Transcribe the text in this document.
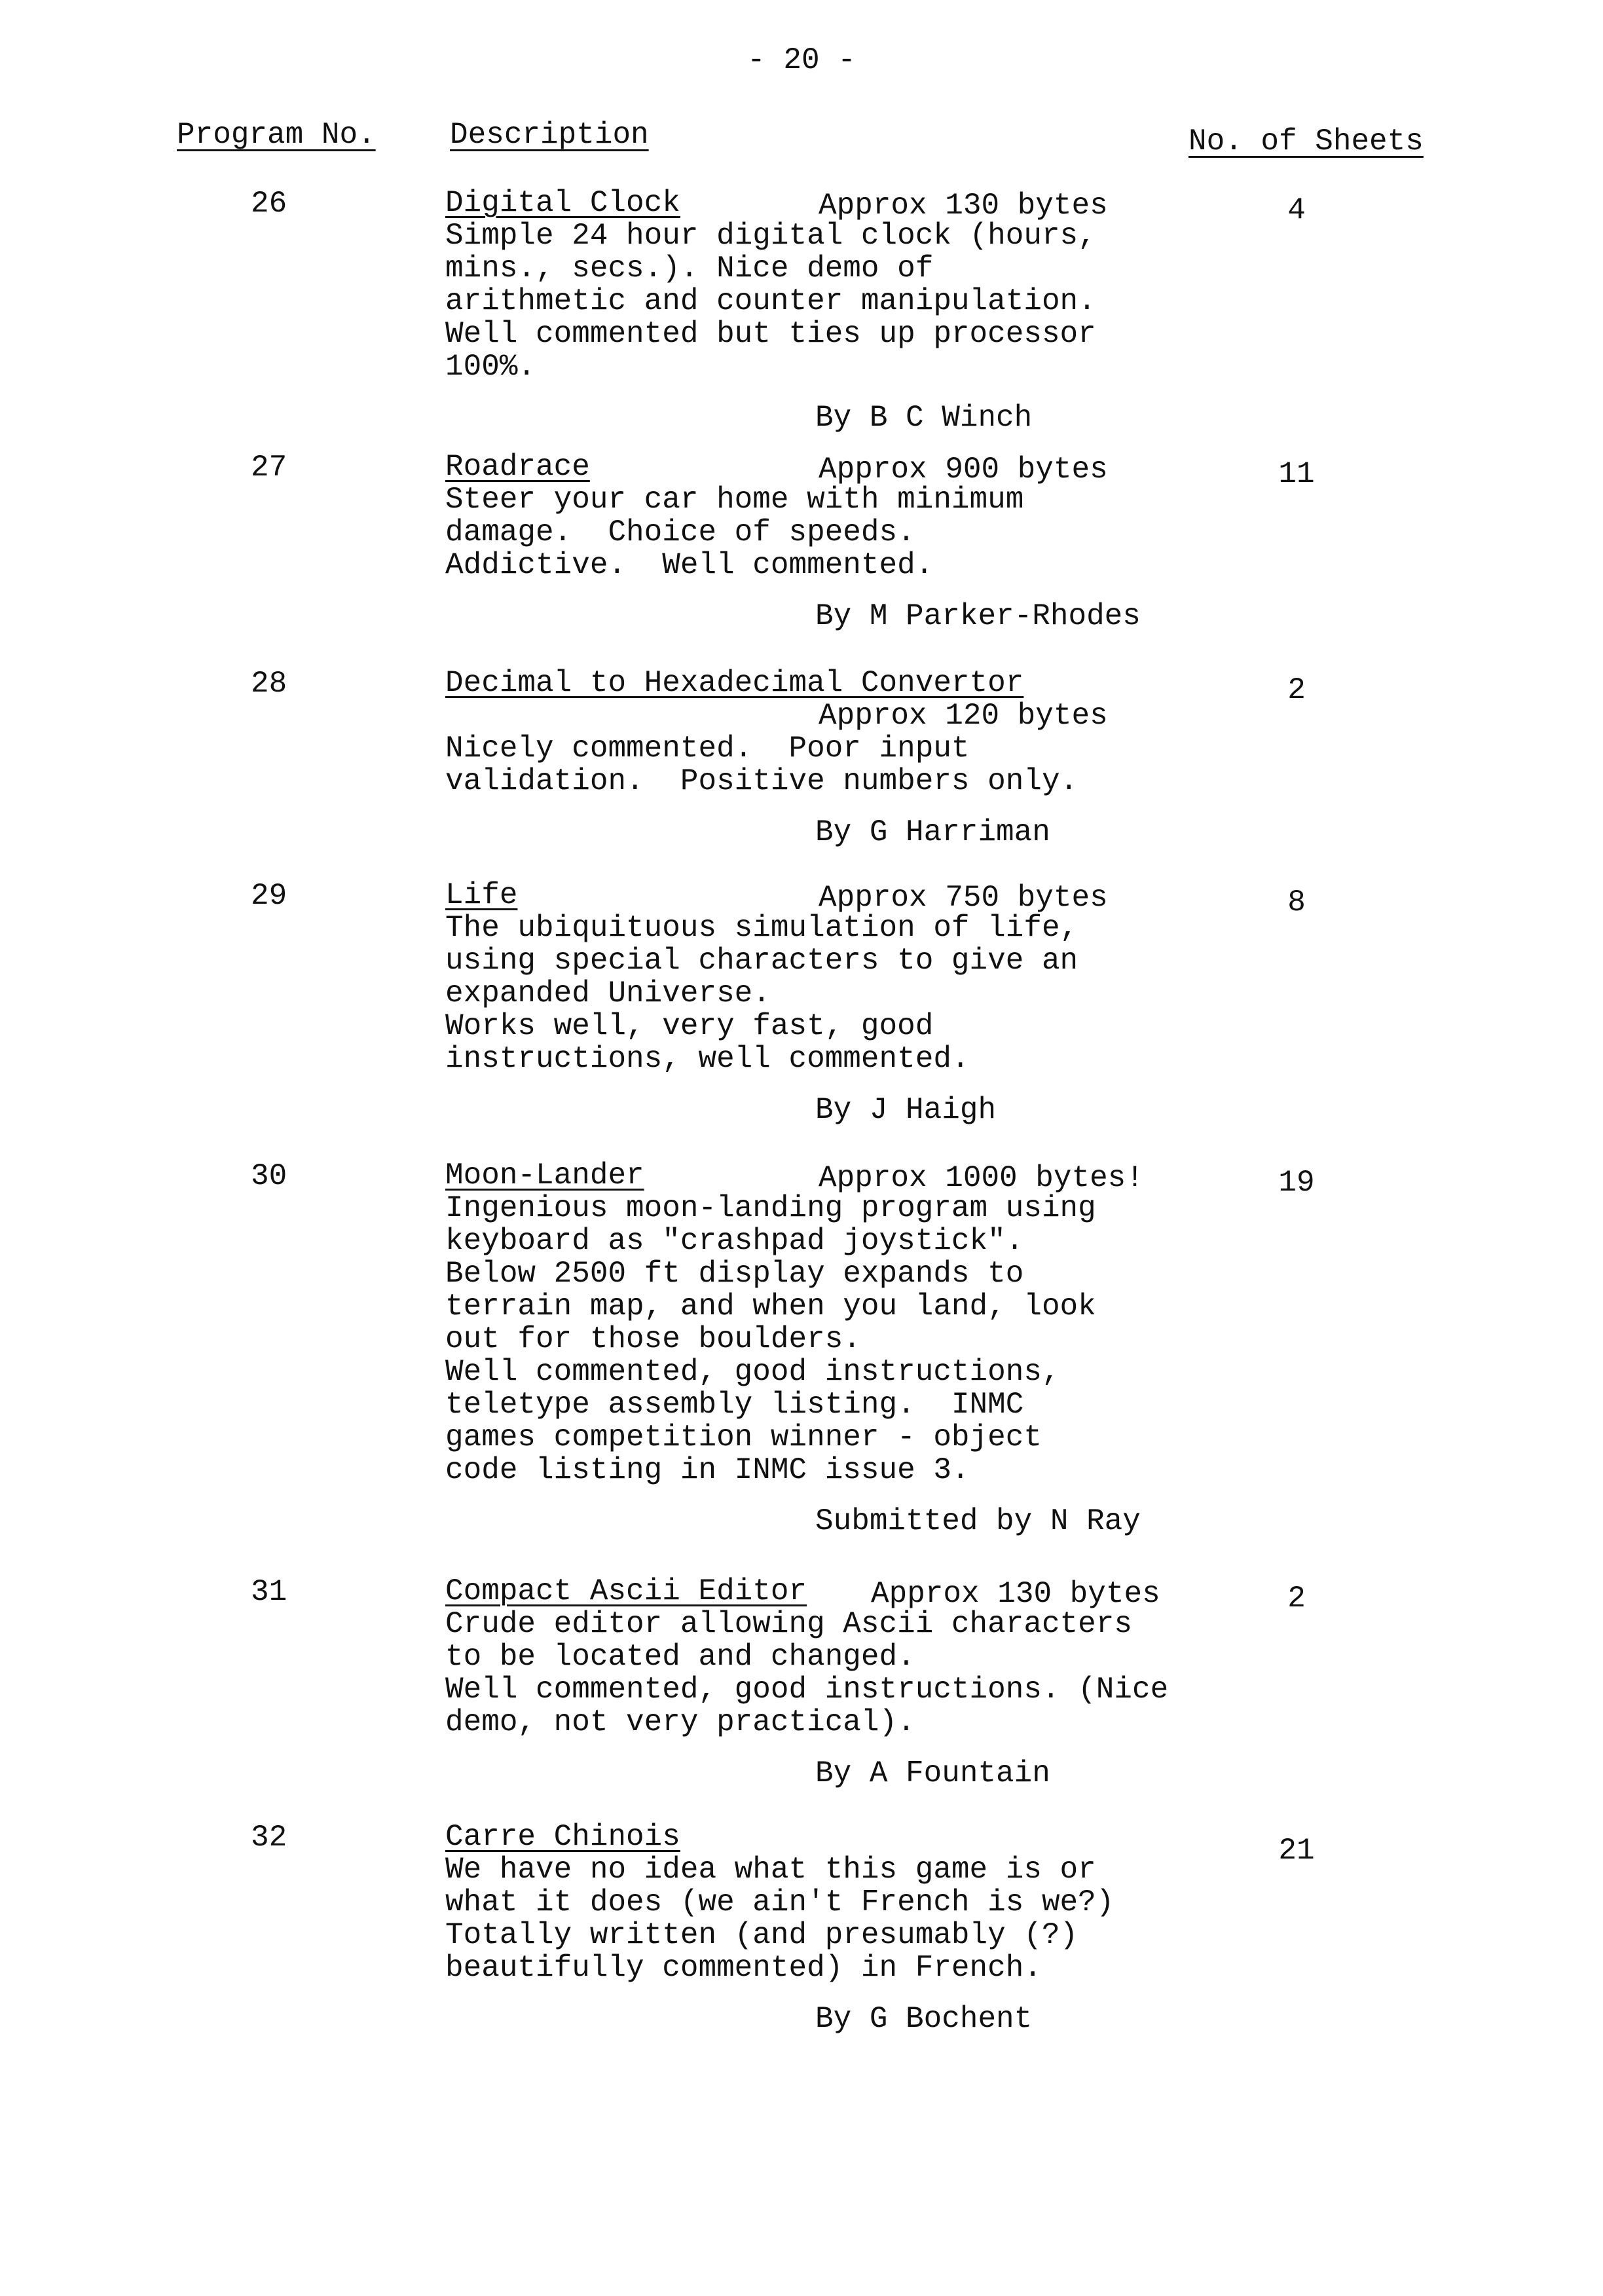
- 20 -
Program No. Description	No. of Sheets
26	4
Digital Clock	Approx 130 bytes
Simple 24 hour digital clock (hours,
mins., secs.). Nice demo of
arithmetic and counter manipulation.
Well commented but ties up processor
100%.
By B C Winch
27	11
Roadrace	Approx 900 bytes
Steer your car home with minimum
damage.  Choice of speeds.
Addictive.  Well commented.
By M Parker-Rhodes
28	2
Decimal to Hexadecimal Convertor
Approx 120 bytes
Nicely commented.  Poor input
validation.  Positive numbers only.
By G Harriman
29	8
Life	Approx 750 bytes
The ubiquituous simulation of life,
using special characters to give an
expanded Universe.
Works well, very fast, good
instructions, well commented.
By J Haigh
30	19
Moon-Lander	Approx 1000 bytes!
Ingenious moon-landing program using
keyboard as "crashpad joystick".
Below 2500 ft display expands to
terrain map, and when you land, look
out for those boulders.
Well commented, good instructions,
teletype assembly listing.  INMC
games competition winner - object
code listing in INMC issue 3.
Submitted by N Ray
31	2
Compact Ascii Editor Approx 130 bytes
Crude editor allowing Ascii characters
to be located and changed.
Well commented, good instructions. (Nice
demo, not very practical).
By A Fountain
32	21
Carre Chinois
We have no idea what this game is or
what it does (we ain't French is we?)
Totally written (and presumably (?)
beautifully commented) in French.
By G Bochent
